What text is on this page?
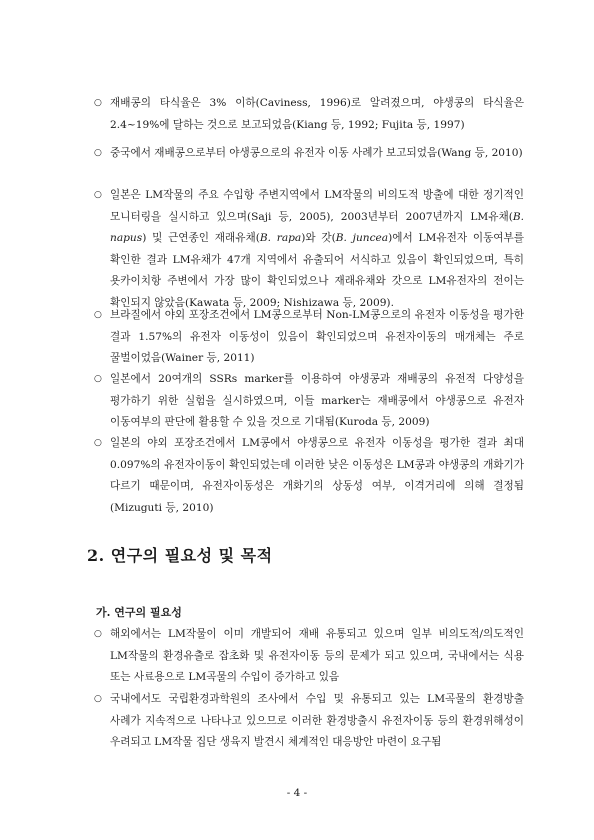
○ 재배콩의 타식율은 3% 이하(Caviness, 1996)로 알려졌으며, 야생콩의 타식율은 2.4~19%에 달하는 것으로 보고되었음(Kiang 등, 1992; Fujita 등, 1997)
○ 중국에서 재배콩으로부터 야생콩으로의 유전자 이동 사례가 보고되었음(Wang 등, 2010)
○ 일본은 LM작물의 주요 수입항 주변지역에서 LM작물의 비의도적 방출에 대한 정기적인 모니터링을 실시하고 있으며(Saji 등, 2005), 2003년부터 2007년까지 LM유채(B. napus) 및 근연종인 재래유채(B. rapa)와 갓(B. juncea)에서 LM유전자 이동여부를 확인한 결과 LM유채가 47개 지역에서 유출되어 서식하고 있음이 확인되었으며, 특히 욧카이치항 주변에서 가장 많이 확인되었으나 재래유채와 갓으로 LM유전자의 전이는 확인되지 않았음(Kawata 등, 2009; Nishizawa 등, 2009).
○ 브라질에서 야외 포장조건에서 LM콩으로부터 Non-LM콩으로의 유전자 이동성을 평가한 결과 1.57%의 유전자 이동성이 있음이 확인되었으며 유전자이동의 매개체는 주로 꿀벌이었음(Wainer 등, 2011)
○ 일본에서 20여개의 SSRs marker를 이용하여 야생콩과 재배콩의 유전적 다양성을 평가하기 위한 실험을 실시하였으며, 이들 marker는 재배콩에서 야생콩으로 유전자 이동여부의 판단에 활용할 수 있을 것으로 기대됨(Kuroda 등, 2009)
○ 일본의 야외 포장조건에서 LM콩에서 야생콩으로 유전자 이동성을 평가한 결과 최대 0.097%의 유전자이동이 확인되었는데 이러한 낮은 이동성은 LM콩과 야생콩의 개화기가 다르기 때문이며, 유전자이동성은 개화기의 상동성 여부, 이격거리에 의해 결정됨(Mizuguti 등, 2010)
2. 연구의 필요성 및 목적
가. 연구의 필요성
○ 해외에서는 LM작물이 이미 개발되어 재배 유통되고 있으며 일부 비의도적/의도적인 LM작물의 환경유출로 잡초화 및 유전자이동 등의 문제가 되고 있으며, 국내에서는 식용 또는 사료용으로 LM곡물의 수입이 증가하고 있음
○ 국내에서도 국립환경과학원의 조사에서 수입 및 유통되고 있는 LM곡물의 환경방출 사례가 지속적으로 나타나고 있으므로 이러한 환경방출시 유전자이동 등의 환경위해성이 우려되고 LM작물 집단 생육지 발견시 체계적인 대응방안 마련이 요구됨
- 4 -
